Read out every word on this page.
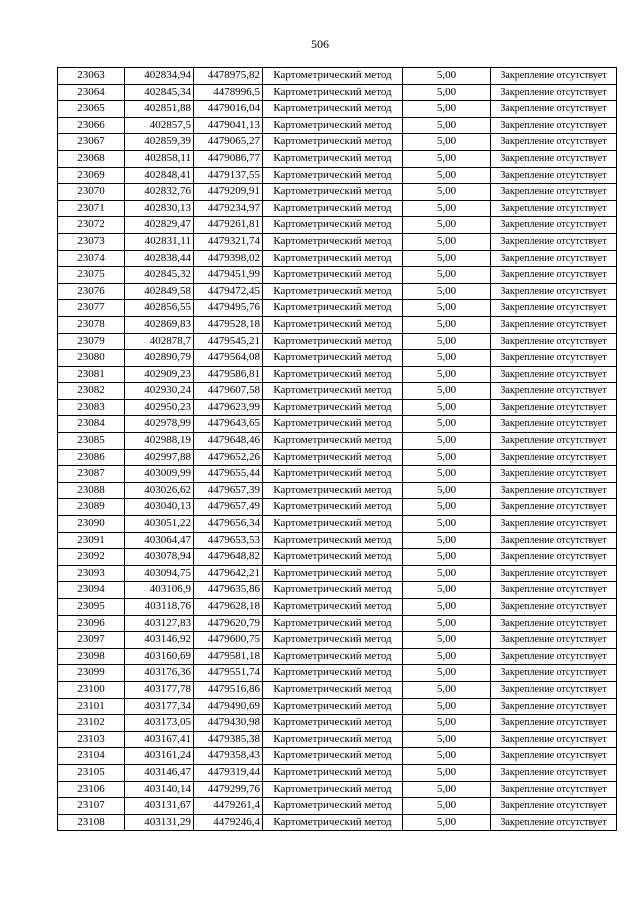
506
23063	402834,94	4478975,82	Картометрический метод	5,00	Закрепление отсутствует
23064	402845,34	4478996,5	Картометрический метод	5,00	Закрепление отсутствует
23065	402851,88	4479016,04	Картометрический метод	5,00	Закрепление отсутствует
23066	402857,5	4479041,13	Картометрический метод	5,00	Закрепление отсутствует
23067	402859,39	4479065,27	Картометрический метод	5,00	Закрепление отсутствует
23068	402858,11	4479086,77	Картометрический метод	5,00	Закрепление отсутствует
23069	402848,41	4479137,55	Картометрический метод	5,00	Закрепление отсутствует
23070	402832,76	4479209,91	Картометрический метод	5,00	Закрепление отсутствует
23071	402830,13	4479234,97	Картометрический метод	5,00	Закрепление отсутствует
23072	402829,47	4479261,81	Картометрический метод	5,00	Закрепление отсутствует
23073	402831,11	4479321,74	Картометрический метод	5,00	Закрепление отсутствует
23074	402838,44	4479398,02	Картометрический метод	5,00	Закрепление отсутствует
23075	402845,32	4479451,99	Картометрический метод	5,00	Закрепление отсутствует
23076	402849,58	4479472,45	Картометрический метод	5,00	Закрепление отсутствует
23077	402856,55	4479495,76	Картометрический метод	5,00	Закрепление отсутствует
23078	402869,83	4479528,18	Картометрический метод	5,00	Закрепление отсутствует
23079	402878,7	4479545,21	Картометрический метод	5,00	Закрепление отсутствует
23080	402890,79	4479564,08	Картометрический метод	5,00	Закрепление отсутствует
23081	402909,23	4479586,81	Картометрический метод	5,00	Закрепление отсутствует
23082	402930,24	4479607,58	Картометрический метод	5,00	Закрепление отсутствует
23083	402950,23	4479623,99	Картометрический метод	5,00	Закрепление отсутствует
23084	402978,99	4479643,65	Картометрический метод	5,00	Закрепление отсутствует
23085	402988,19	4479648,46	Картометрический метод	5,00	Закрепление отсутствует
23086	402997,88	4479652,26	Картометрический метод	5,00	Закрепление отсутствует
23087	403009,99	4479655,44	Картометрический метод	5,00	Закрепление отсутствует
23088	403026,62	4479657,39	Картометрический метод	5,00	Закрепление отсутствует
23089	403040,13	4479657,49	Картометрический метод	5,00	Закрепление отсутствует
23090	403051,22	4479656,34	Картометрический метод	5,00	Закрепление отсутствует
23091	403064,47	4479653,53	Картометрический метод	5,00	Закрепление отсутствует
23092	403078,94	4479648,82	Картометрический метод	5,00	Закрепление отсутствует
23093	403094,75	4479642,21	Картометрический метод	5,00	Закрепление отсутствует
23094	403106,9	4479635,86	Картометрический метод	5,00	Закрепление отсутствует
23095	403118,76	4479628,18	Картометрический метод	5,00	Закрепление отсутствует
23096	403127,83	4479620,79	Картометрический метод	5,00	Закрепление отсутствует
23097	403146,92	4479600,75	Картометрический метод	5,00	Закрепление отсутствует
23098	403160,69	4479581,18	Картометрический метод	5,00	Закрепление отсутствует
23099	403176,36	4479551,74	Картометрический метод	5,00	Закрепление отсутствует
23100	403177,78	4479516,86	Картометрический метод	5,00	Закрепление отсутствует
23101	403177,34	4479490,69	Картометрический метод	5,00	Закрепление отсутствует
23102	403173,05	4479430,98	Картометрический метод	5,00	Закрепление отсутствует
23103	403167,41	4479385,38	Картометрический метод	5,00	Закрепление отсутствует
23104	403161,24	4479358,43	Картометрический метод	5,00	Закрепление отсутствует
23105	403146,47	4479319,44	Картометрический метод	5,00	Закрепление отсутствует
23106	403140,14	4479299,76	Картометрический метод	5,00	Закрепление отсутствует
23107	403131,67	4479261,4	Картометрический метод	5,00	Закрепление отсутствует
23108	403131,29	4479246,4	Картометрический метод	5,00	Закрепление отсутствует
